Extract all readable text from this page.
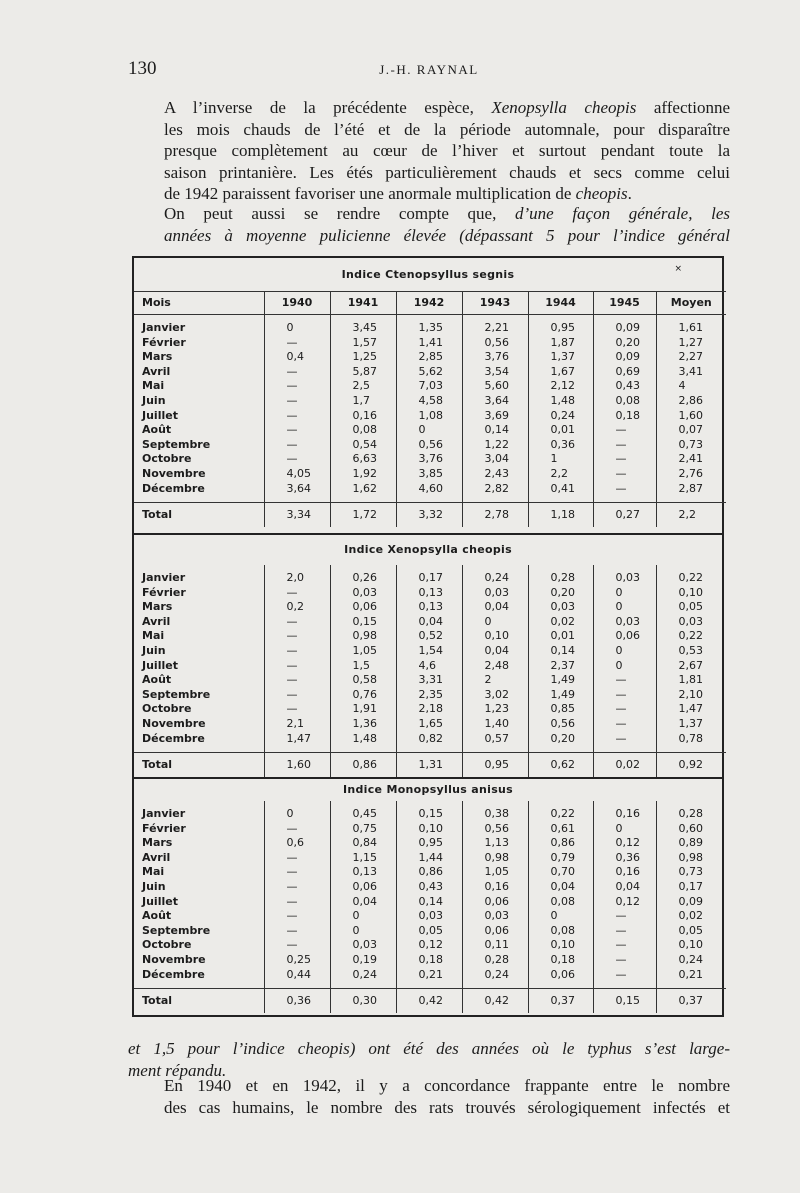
130	J.-H. RAYNAL
A l’inverse de la précédente espèce, Xenopsylla cheopis affectionne
les mois chauds de l’été et de la période automnale, pour disparaître
presque complètement au cœur de l’hiver et surtout pendant toute la
saison printanière. Les étés particulièrement chauds et secs comme celui
de 1942 paraissent favoriser une anormale multiplication de cheopis.
On peut aussi se rendre compte que, d’une façon générale, les
années à moyenne pulicienne élevée (dépassant 5 pour l’indice général
×
Indice Ctenopsyllus segnis
Mois	1940	1941	1942	1943	1944	1945	Moyen

Janvier	0	3,45	1,35	2,21	0,95	0,09	1,61
Février	—	1,57	1,41	0,56	1,87	0,20	1,27
Mars	0,4	1,25	2,85	3,76	1,37	0,09	2,27
Avril	—	5,87	5,62	3,54	1,67	0,69	3,41
Mai	—	2,5	7,03	5,60	2,12	0,43	4
Juin	—	1,7	4,58	3,64	1,48	0,08	2,86
Juillet	—	0,16	1,08	3,69	0,24	0,18	1,60
Août	—	0,08	0	0,14	0,01	—	0,07
Septembre	—	0,54	0,56	1,22	0,36	—	0,73
Octobre	—	6,63	3,76	3,04	1	—	2,41
Novembre	4,05	1,92	3,85	2,43	2,2	—	2,76
Décembre	3,64	1,62	4,60	2,82	0,41	—	2,87

Total	3,34	1,72	3,32	2,78	1,18	0,27	2,2
Indice Xenopsylla cheopis

Janvier	2,0	0,26	0,17	0,24	0,28	0,03	0,22
Février	—	0,03	0,13	0,03	0,20	0	0,10
Mars	0,2	0,06	0,13	0,04	0,03	0	0,05
Avril	—	0,15	0,04	0	0,02	0,03	0,03
Mai	—	0,98	0,52	0,10	0,01	0,06	0,22
Juin	—	1,05	1,54	0,04	0,14	0	0,53
Juillet	—	1,5	4,6	2,48	2,37	0	2,67
Août	—	0,58	3,31	2	1,49	—	1,81
Septembre	—	0,76	2,35	3,02	1,49	—	2,10
Octobre	—	1,91	2,18	1,23	0,85	—	1,47
Novembre	2,1	1,36	1,65	1,40	0,56	—	1,37
Décembre	1,47	1,48	0,82	0,57	0,20	—	0,78

Total	1,60	0,86	1,31	0,95	0,62	0,02	0,92
Indice Monopsyllus anisus

Janvier	0	0,45	0,15	0,38	0,22	0,16	0,28
Février	—	0,75	0,10	0,56	0,61	0	0,60
Mars	0,6	0,84	0,95	1,13	0,86	0,12	0,89
Avril	—	1,15	1,44	0,98	0,79	0,36	0,98
Mai	—	0,13	0,86	1,05	0,70	0,16	0,73
Juin	—	0,06	0,43	0,16	0,04	0,04	0,17
Juillet	—	0,04	0,14	0,06	0,08	0,12	0,09
Août	—	0	0,03	0,03	0	—	0,02
Septembre	—	0	0,05	0,06	0,08	—	0,05
Octobre	—	0,03	0,12	0,11	0,10	—	0,10
Novembre	0,25	0,19	0,18	0,28	0,18	—	0,24
Décembre	0,44	0,24	0,21	0,24	0,06	—	0,21

Total	0,36	0,30	0,42	0,42	0,37	0,15	0,37
et 1,5 pour l’indice cheopis) ont été des années où le typhus s’est large-
ment répandu.
En 1940 et en 1942, il y a concordance frappante entre le nombre
des cas humains, le nombre des rats trouvés sérologiquement infectés et
